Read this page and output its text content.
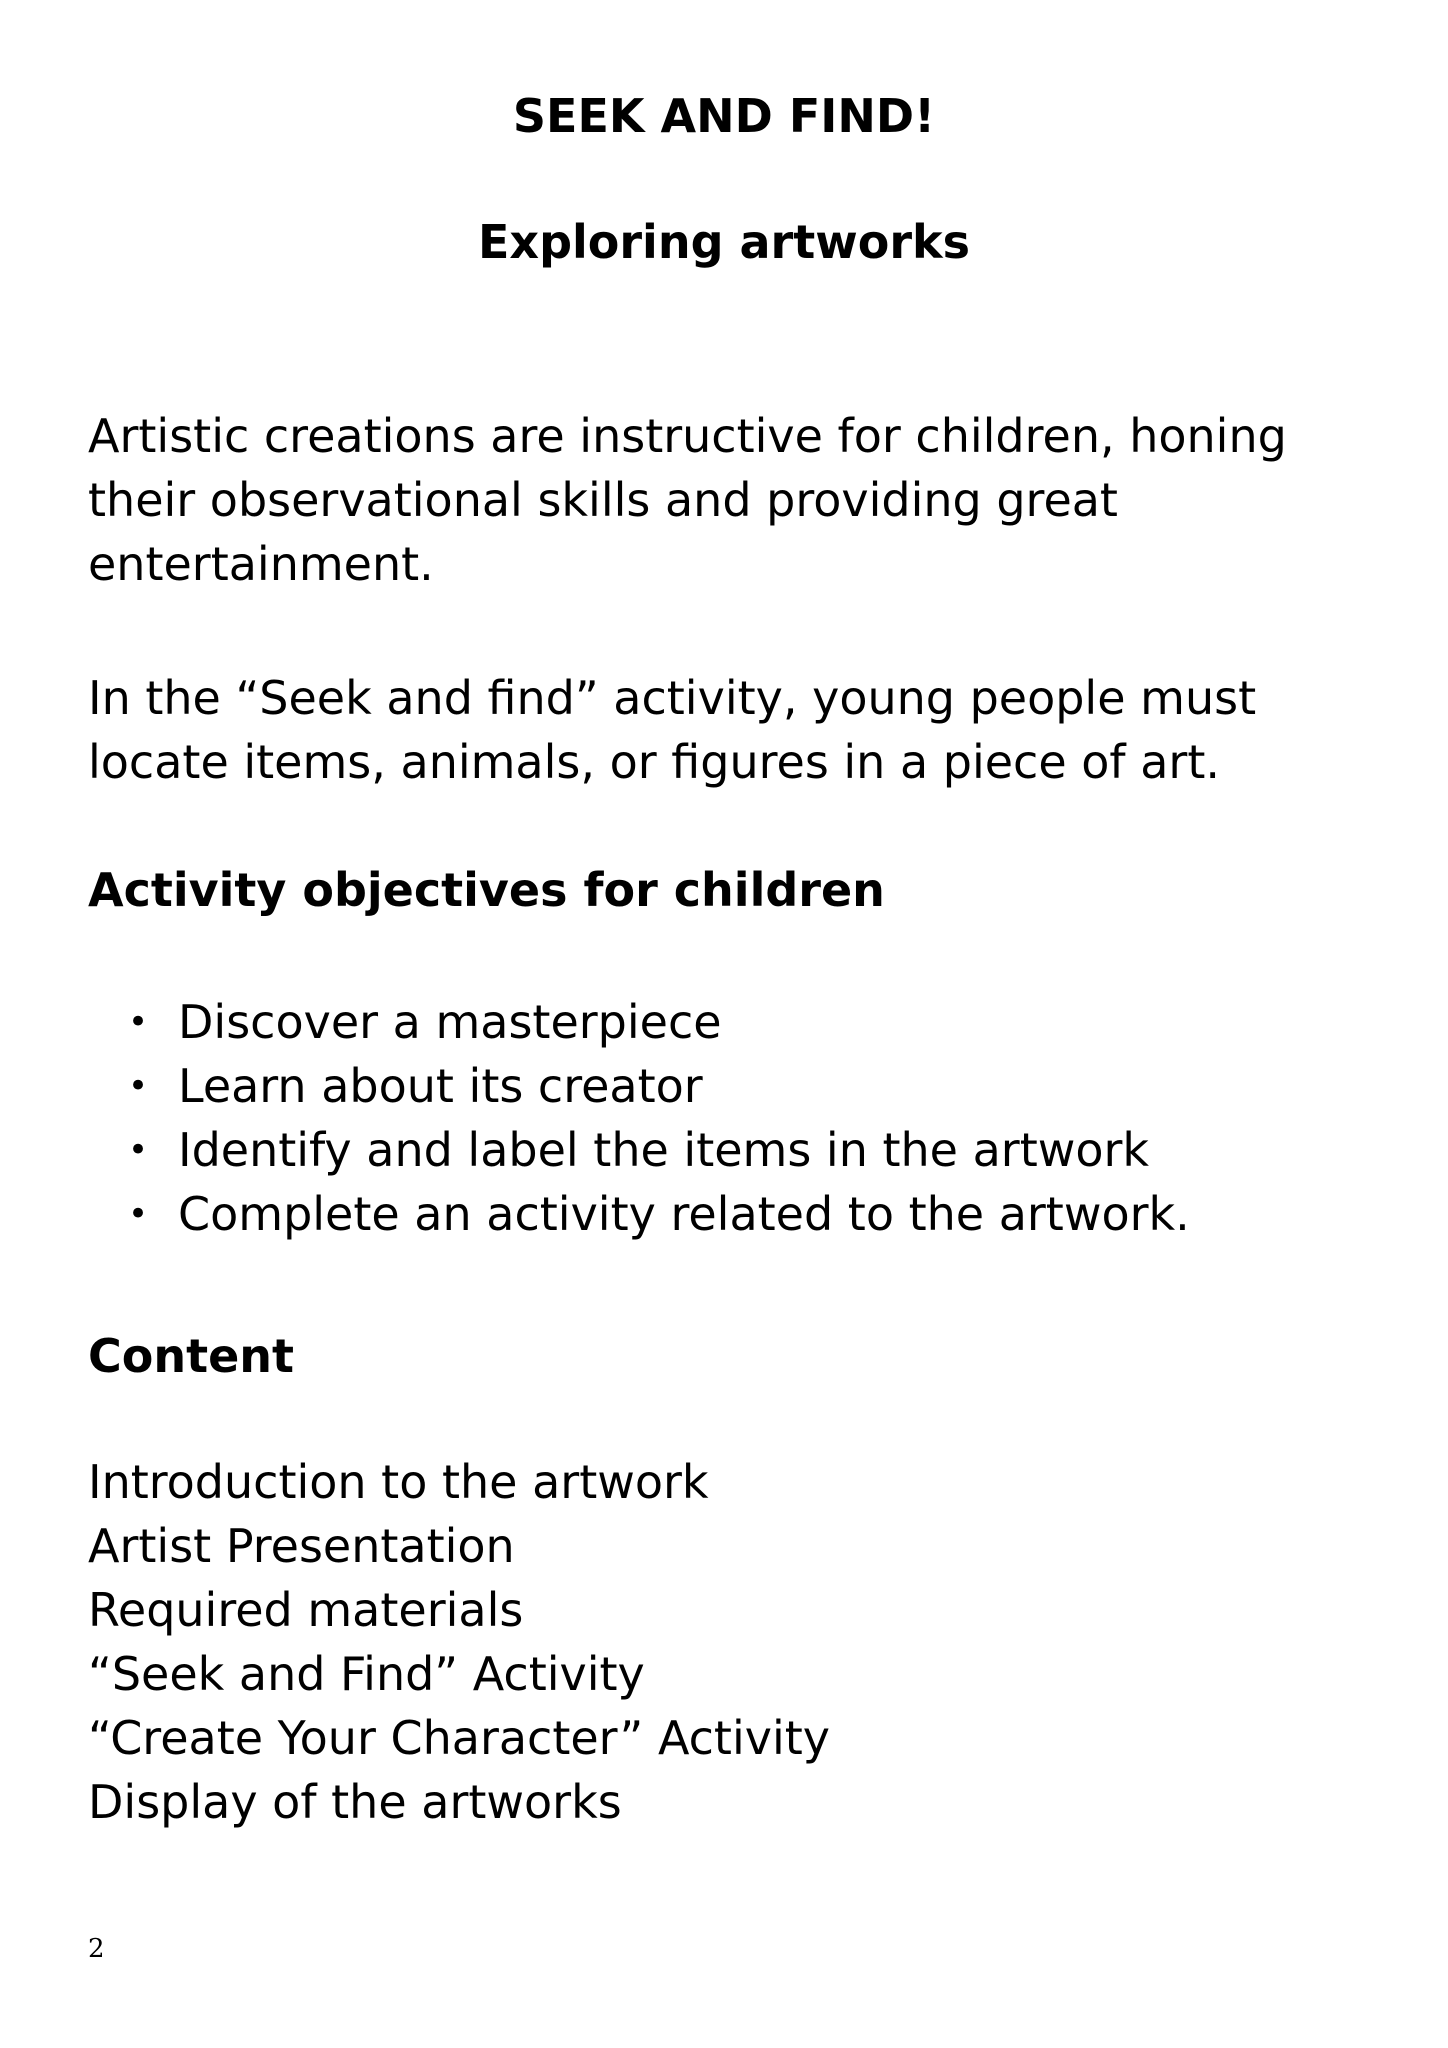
SEEK AND FIND!
Exploring artworks

Artistic creations are instructive for children, honing their observational skills and providing great entertainment.

In the “Seek and find” activity, young people must locate items, animals, or figures in a piece of art.

Activity objectives for children
• Discover a masterpiece
• Learn about its creator
• Identify and label the items in the artwork
• Complete an activity related to the artwork.
Content
Introduction to the artwork
Artist Presentation
Required materials
“Seek and Find” Activity
“Create Your Character” Activity
Display of the artworks
2
